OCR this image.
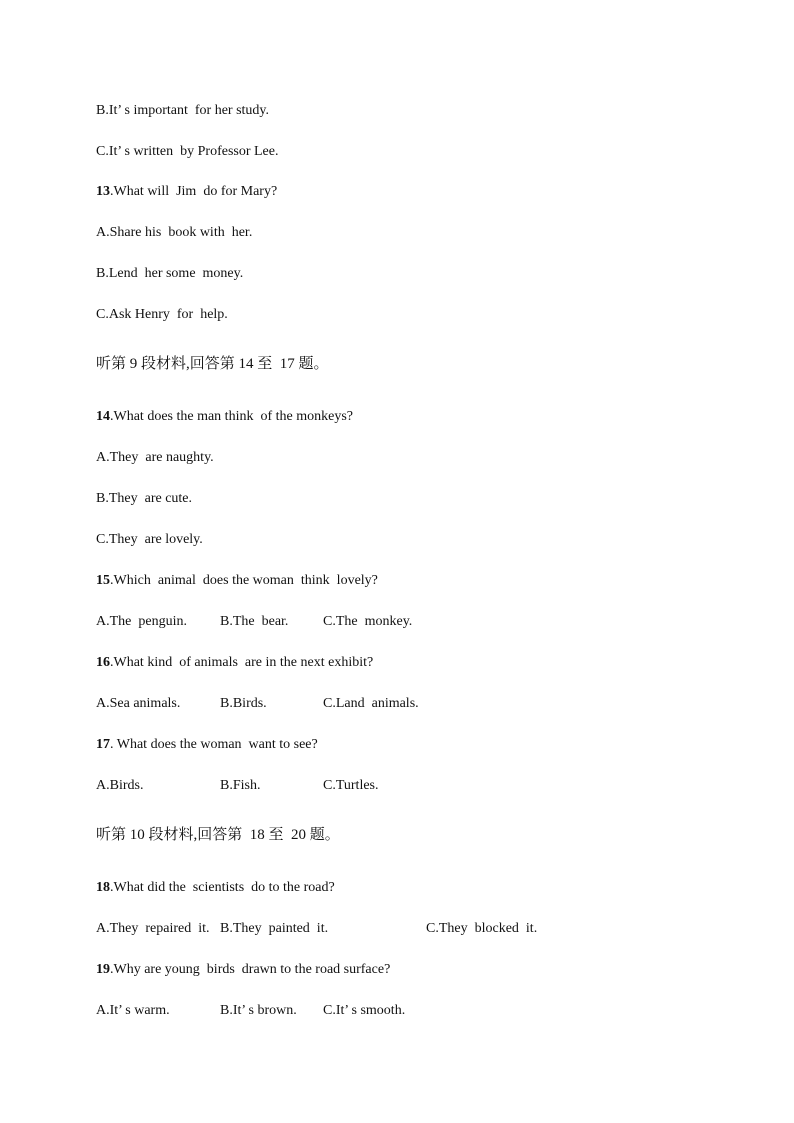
B.It’ s important  for her study.
C.It’ s written  by Professor Lee.
13.What will  Jim  do for Mary?
A.Share his  book with  her.
B.Lend  her some  money.
C.Ask Henry  for  help.
听第 9 段材料,回答第 14 至  17 题。
14.What does the man think  of the monkeys?
A.They  are naughty.
B.They  are cute.
C.They  are lovely.
15.Which  animal  does the woman  think  lovely?
A.The  penguin. B.The  bear. C.The  monkey.
16.What kind  of animals  are in the next exhibit?
A.Sea animals.	B.Birds.	C.Land  animals.
17. What does the woman  want to see?
A.Birds.	B.Fish.	C.Turtles.
听第 10 段材料,回答第  18 至  20 题。
18.What did the  scientists  do to the road?
A.They  repaired  it. B.They  painted  it.	C.They  blocked  it.
19.Why are young  birds  drawn to the road surface?
A.It’ s warm.	B.It’ s brown. C.It’ s smooth.
